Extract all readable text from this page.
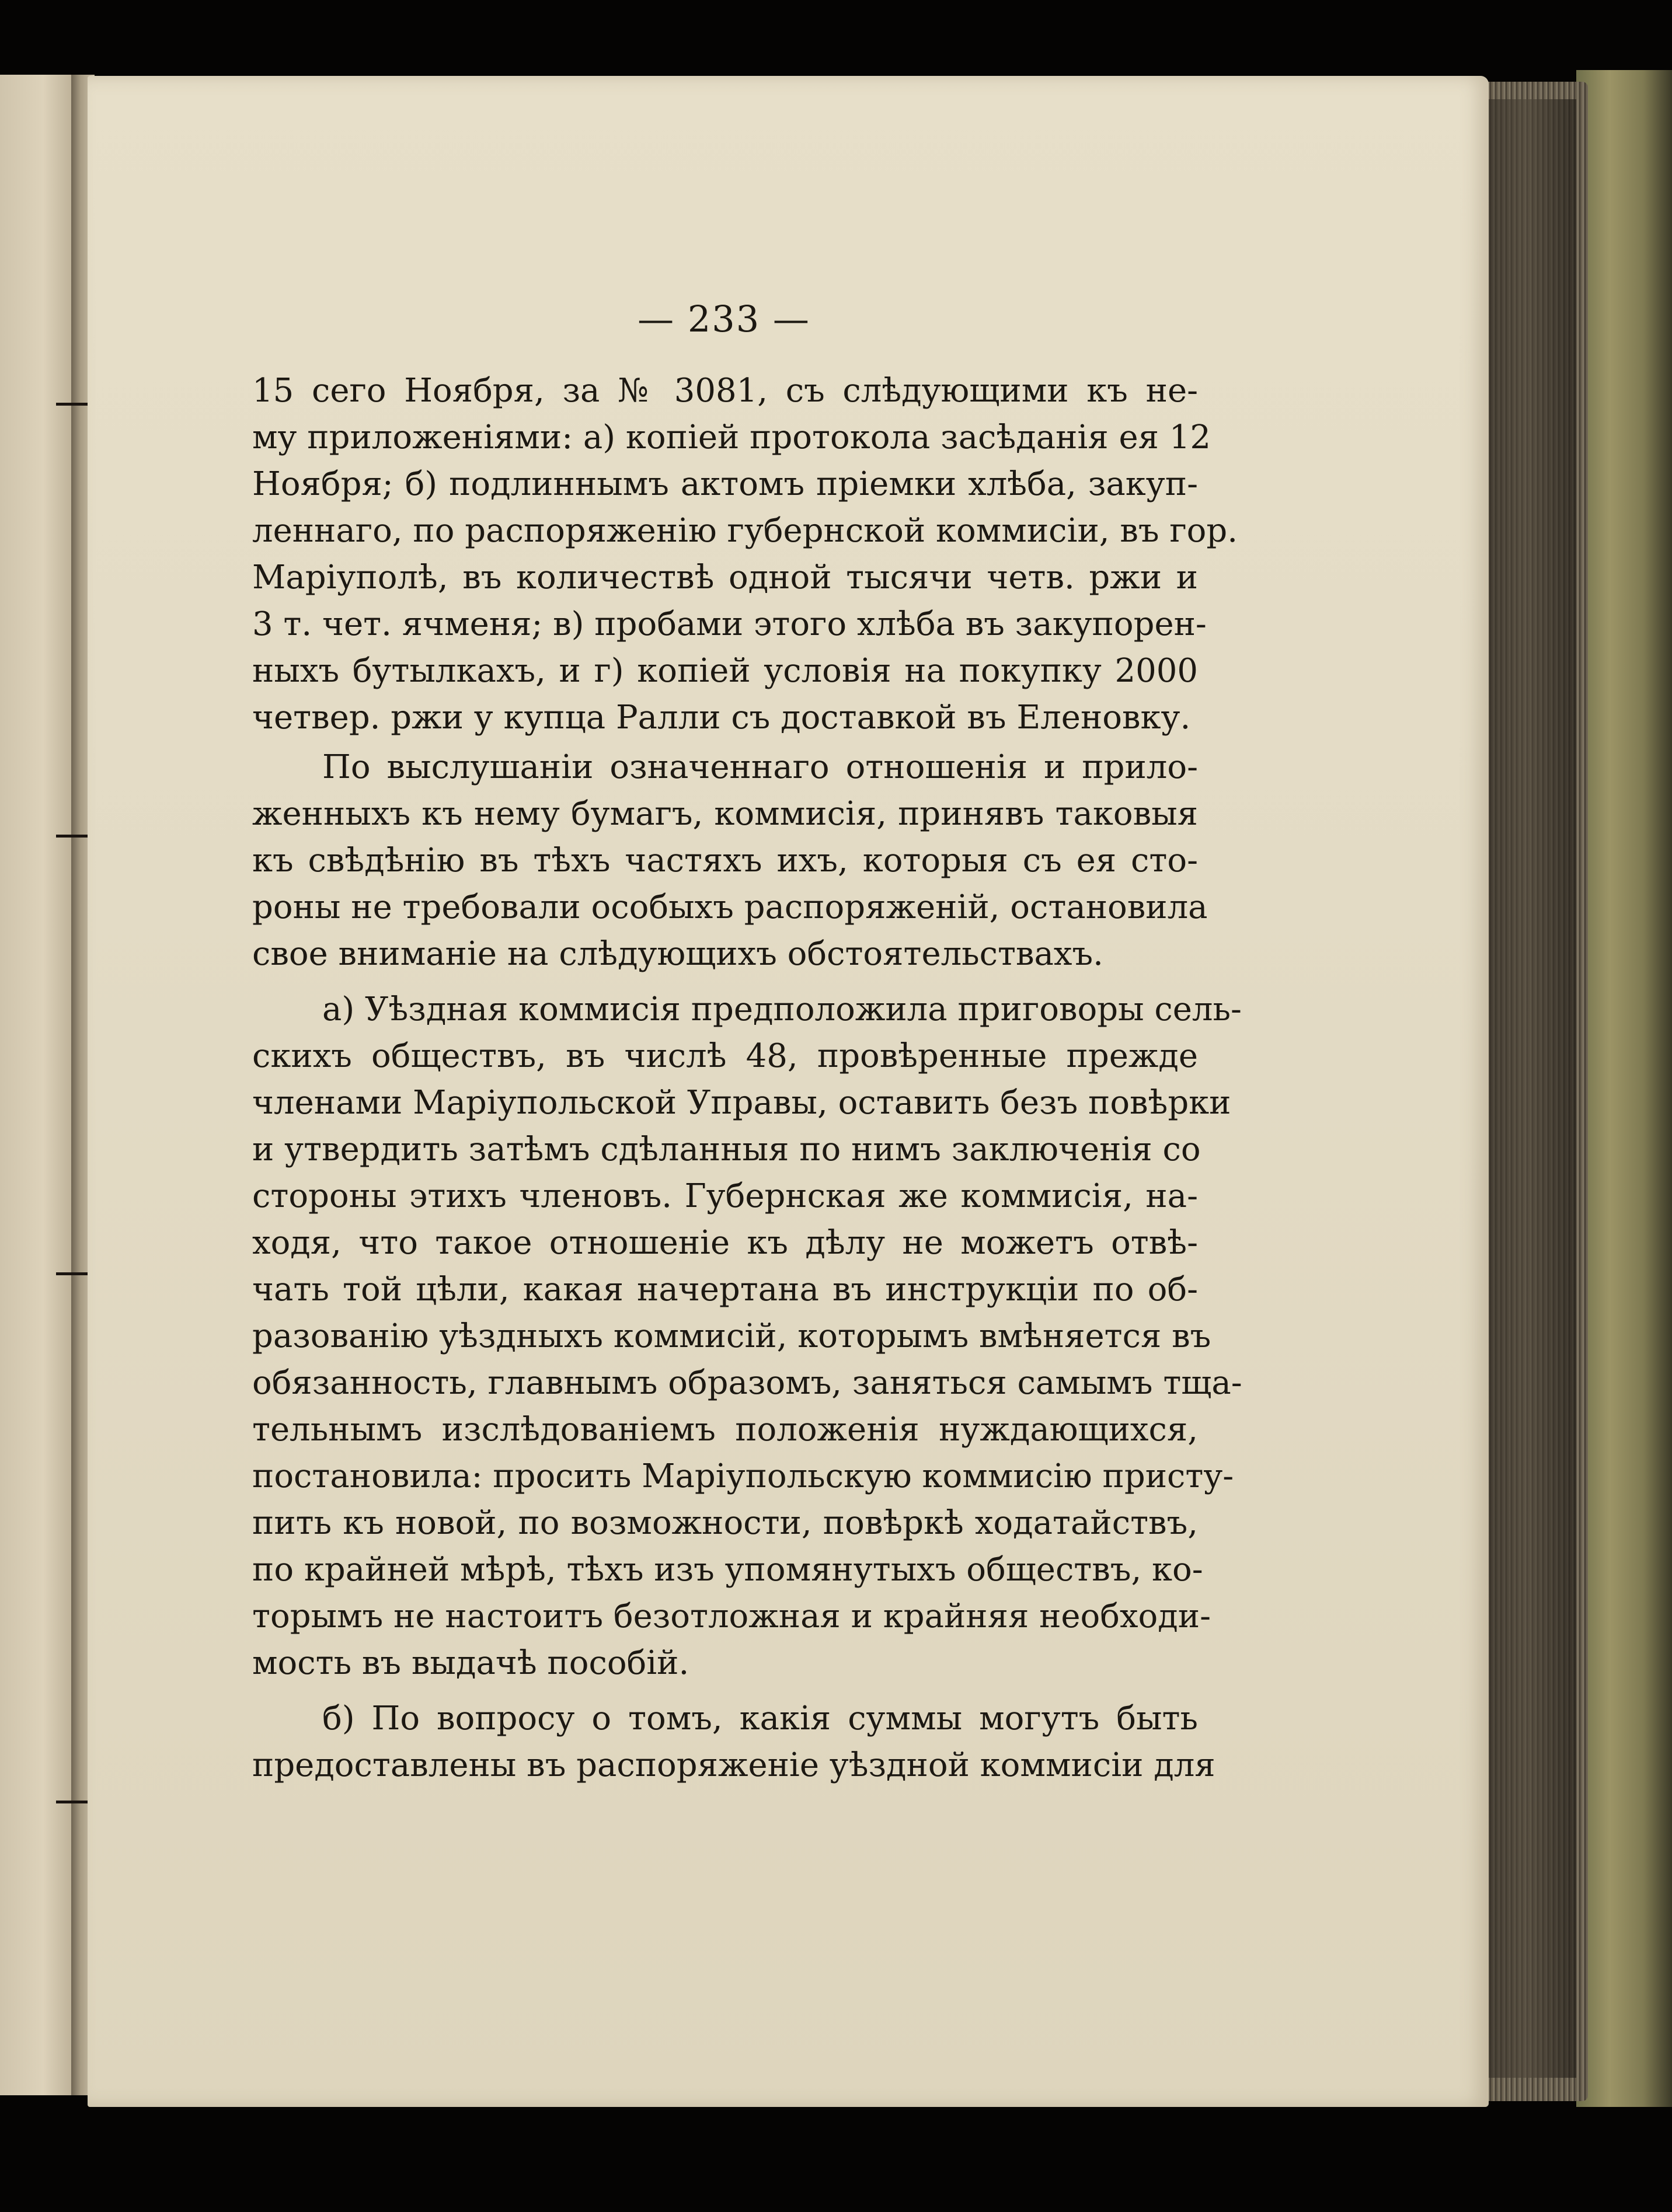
— 233 —
15 сего Ноября, за № 3081, съ слѣдующими къ не-
му приложеніями: а) копіей протокола засѣданія ея 12
Ноября; б) подлиннымъ актомъ пріемки хлѣба, закуп-
леннаго, по распоряженію губернской коммисіи, въ гор.
Маріуполѣ, въ количествѣ одной тысячи четв. ржи и
3 т. чет. ячменя; в) пробами этого хлѣба въ закупорен-
ныхъ бутылкахъ, и г) копіей условія на покупку 2000
четвер. ржи у купца Ралли съ доставкой въ Еленовку.
По выслушаніи означеннаго отношенія и прило-
женныхъ къ нему бумагъ, коммисія, принявъ таковыя
къ свѣдѣнію въ тѣхъ частяхъ ихъ, которыя съ ея сто-
роны не требовали особыхъ распоряженій, остановила
свое вниманіе на слѣдующихъ обстоятельствахъ.
а) Уѣздная коммисія предположила приговоры сель-
скихъ обществъ, въ числѣ 48, провѣренные прежде
членами Маріупольской Управы, оставить безъ повѣрки
и утвердить затѣмъ сдѣланныя по нимъ заключенія со
стороны этихъ членовъ. Губернская же коммисія, на-
ходя, что такое отношеніе къ дѣлу не можетъ отвѣ-
чать той цѣли, какая начертана въ инструкціи по об-
разованію уѣздныхъ коммисій, которымъ вмѣняется въ
обязанность, главнымъ образомъ, заняться самымъ тща-
тельнымъ изслѣдованіемъ положенія нуждающихся,
постановила: просить Маріупольскую коммисію присту-
пить къ новой, по возможности, повѣркѣ ходатайствъ,
по крайней мѣрѣ, тѣхъ изъ упомянутыхъ обществъ, ко-
торымъ не настоитъ безотложная и крайняя необходи-
мость въ выдачѣ пособій.
б) По вопросу о томъ, какія суммы могутъ быть
предоставлены въ распоряженіе уѣздной коммисіи для
